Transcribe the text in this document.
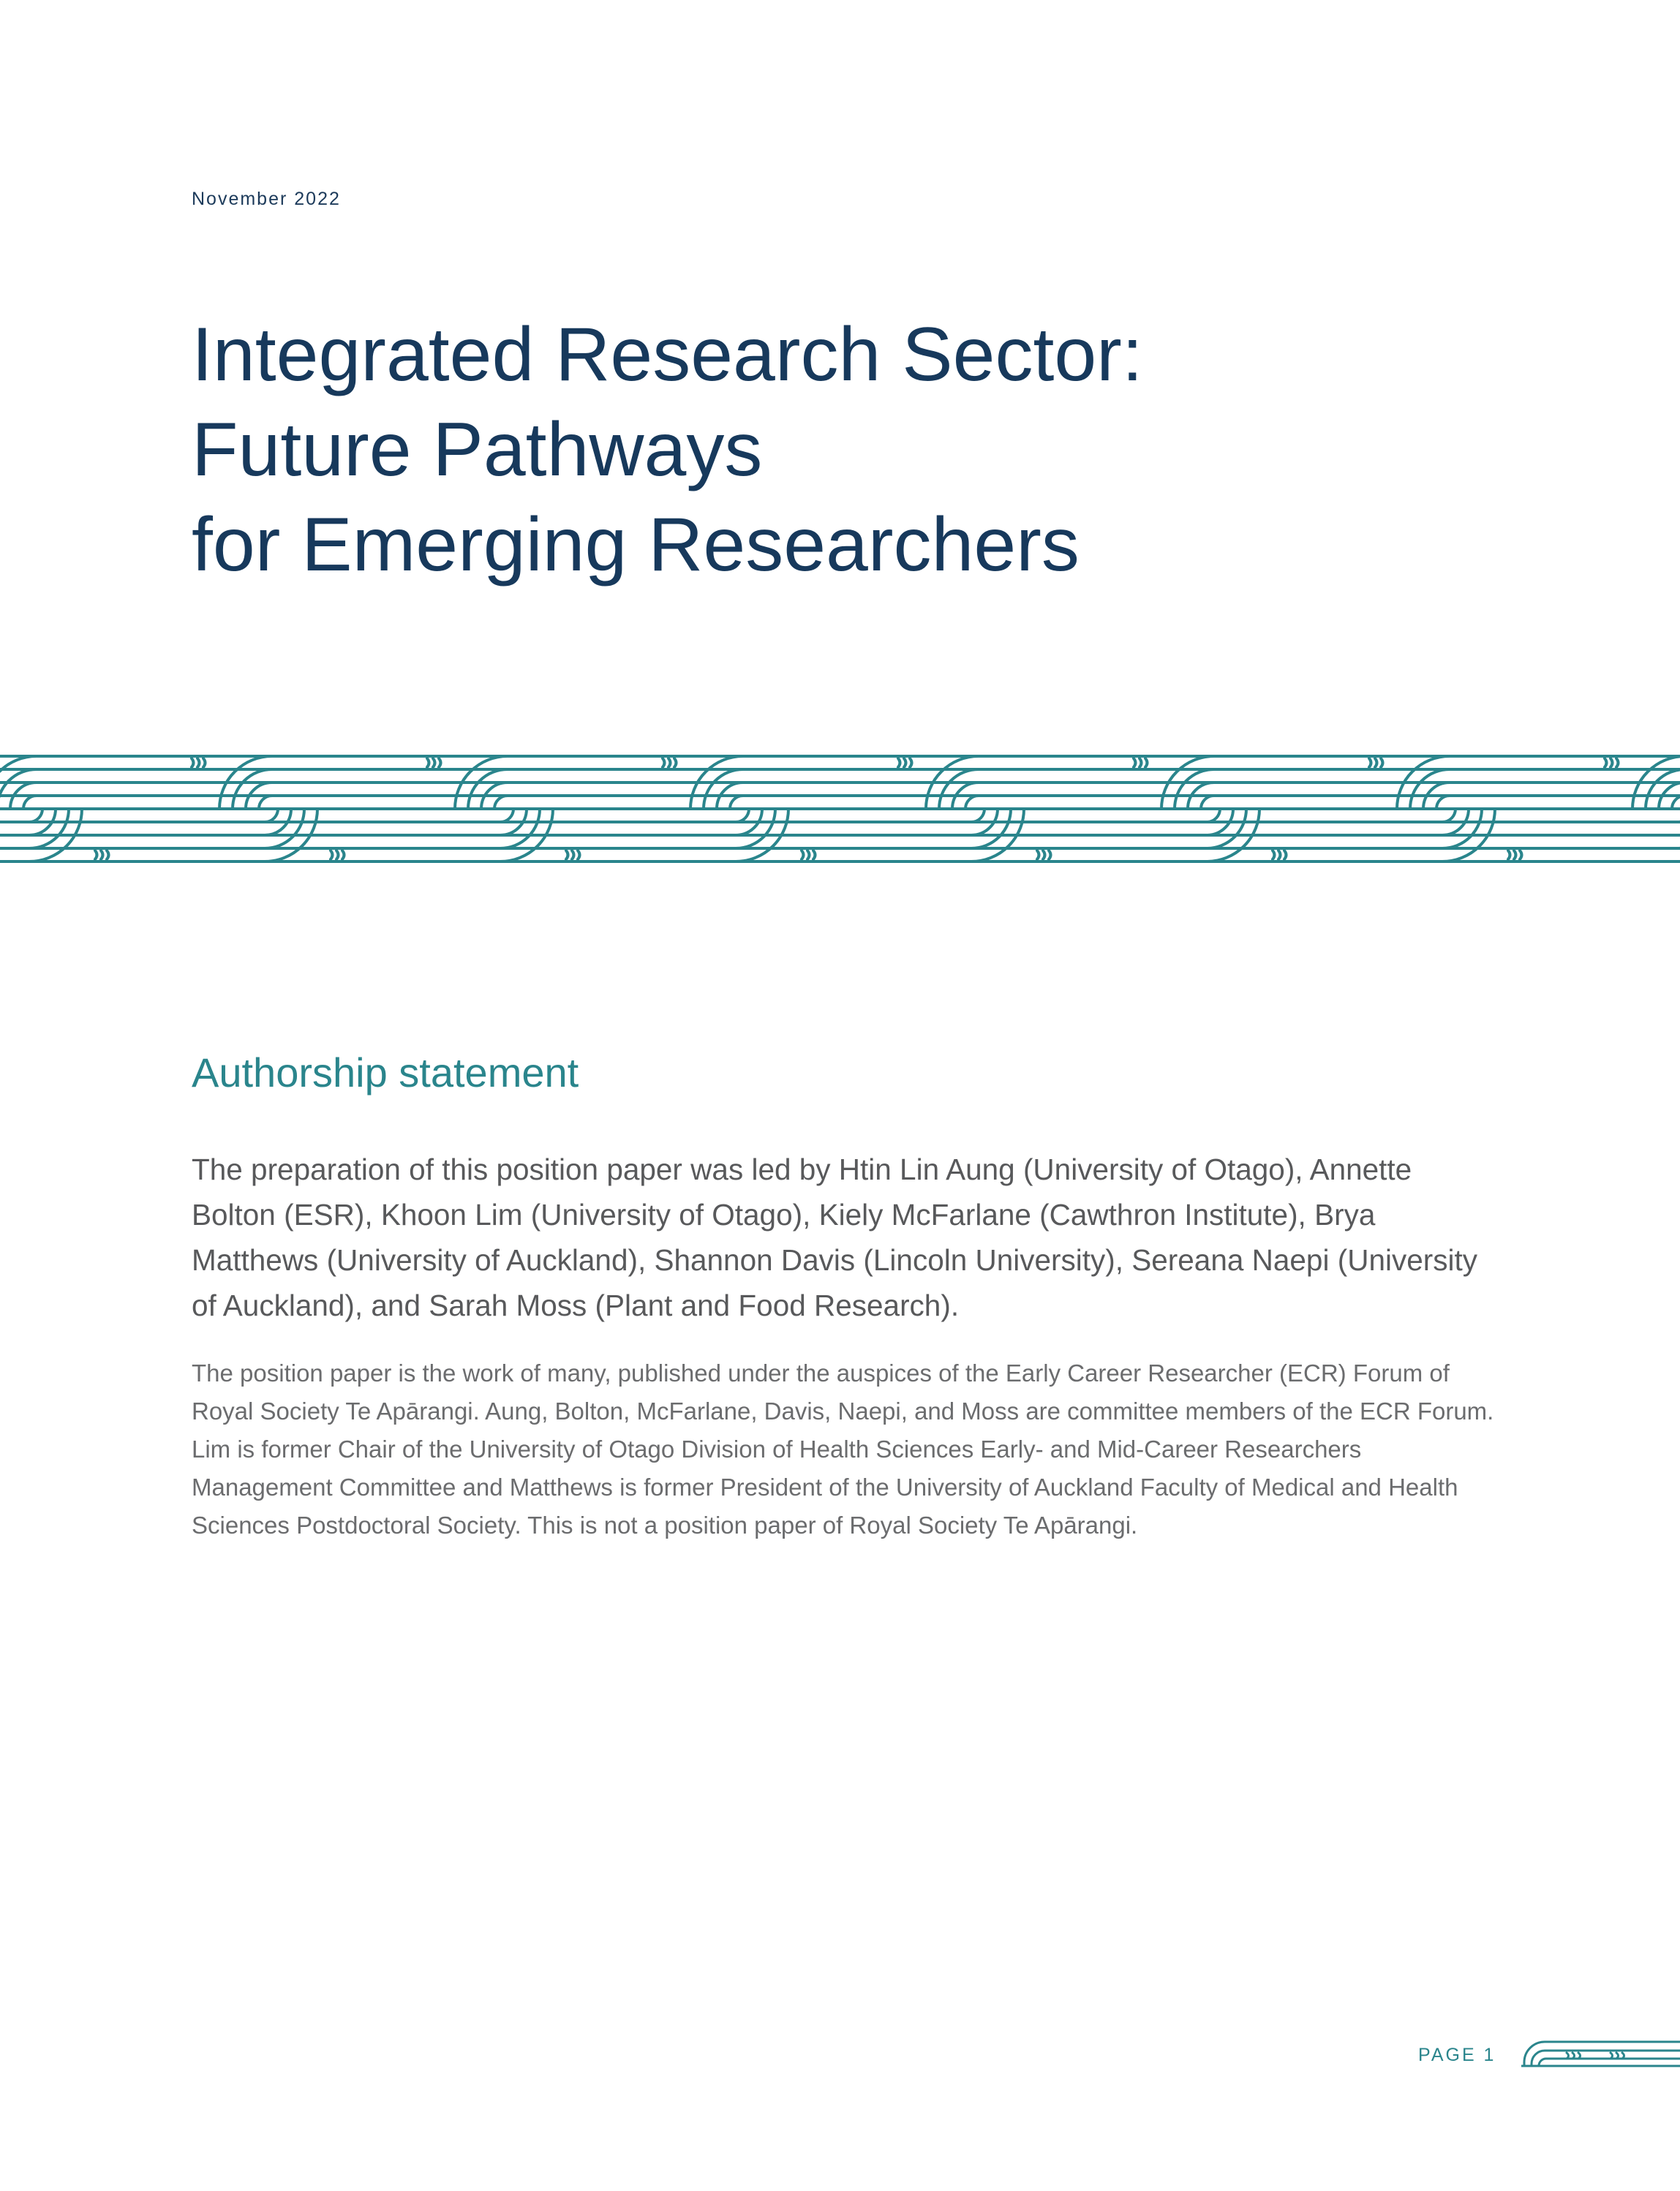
November 2022
Integrated Research Sector:
Future Pathways
for Emerging Researchers
Authorship statement

The preparation of this position paper was led by Htin Lin Aung (University of Otago), Annette Bolton (ESR), Khoon Lim (University of Otago), Kiely McFarlane (Cawthron Institute), Brya Matthews (University of Auckland), Shannon Davis (Lincoln University), Sereana Naepi (University of Auckland), and Sarah Moss (Plant and Food Research).

The position paper is the work of many, published under the auspices of the Early Career Researcher (ECR) Forum of Royal Society Te Apārangi. Aung, Bolton, McFarlane, Davis, Naepi, and Moss are committee members of the ECR Forum. Lim is former Chair of the University of Otago Division of Health Sciences Early- and Mid-Career Researchers Management Committee and Matthews is former President of the University of Auckland Faculty of Medical and Health Sciences Postdoctoral Society. This is not a position paper of Royal Society Te Apārangi.

PAGE 1
